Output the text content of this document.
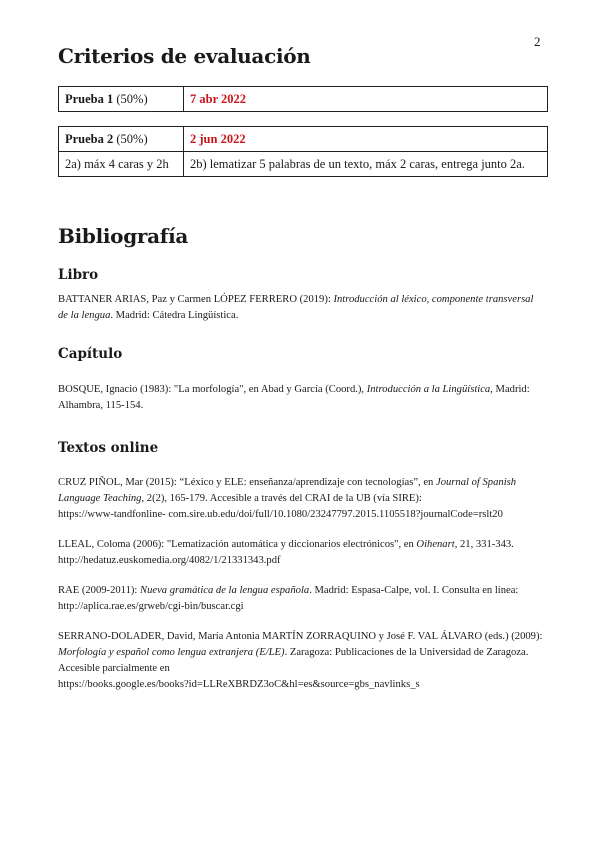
2
Criterios de evaluación
Prueba 1 (50%)	7 abr 2022
Prueba 2 (50%)	2 jun 2022
2a) máx 4 caras y 2h	2b) lematizar 5 palabras de un texto, máx 2 caras, entrega junto 2a.
Bibliografía
Libro
BATTANER ARIAS, Paz y Carmen LÓPEZ FERRERO (2019): Introducción al léxico, componente transversal de la lengua. Madrid: Cátedra Lingüística.
Capítulo
BOSQUE, Ignacio (1983): "La morfología", en Abad y García (Coord.), Introducción a la Lingüística, Madrid: Alhambra, 115-154.
Textos online
CRUZ PIÑOL, Mar (2015): “Léxico y ELE: enseñanza/aprendizaje con tecnologías”, en Journal of Spanish Language Teaching, 2(2), 165-179. Accesible a través del CRAI de la UB (vía SIRE):
https://www-tandfonline- com.sire.ub.edu/doi/full/10.1080/23247797.2015.1105518?journalCode=rslt20
LLEAL, Coloma (2006): "Lematización automática y diccionarios electrónicos", en Oihenart, 21, 331-343.
http://hedatuz.euskomedia.org/4082/1/21331343.pdf
RAE (2009-2011): Nueva gramática de la lengua española. Madrid: Espasa-Calpe, vol. I. Consulta en línea:
http://aplica.rae.es/grweb/cgi-bin/buscar.cgi
SERRANO-DOLADER, David, María Antonia MARTÍN ZORRAQUINO y José F. VAL ÁLVARO (eds.) (2009): Morfología y español como lengua extranjera (E/LE). Zaragoza: Publicaciones de la Universidad de Zaragoza. Accesible parcialmente en
https://books.google.es/books?id=LLReXBRDZ3oC&hl=es&source=gbs_navlinks_s
